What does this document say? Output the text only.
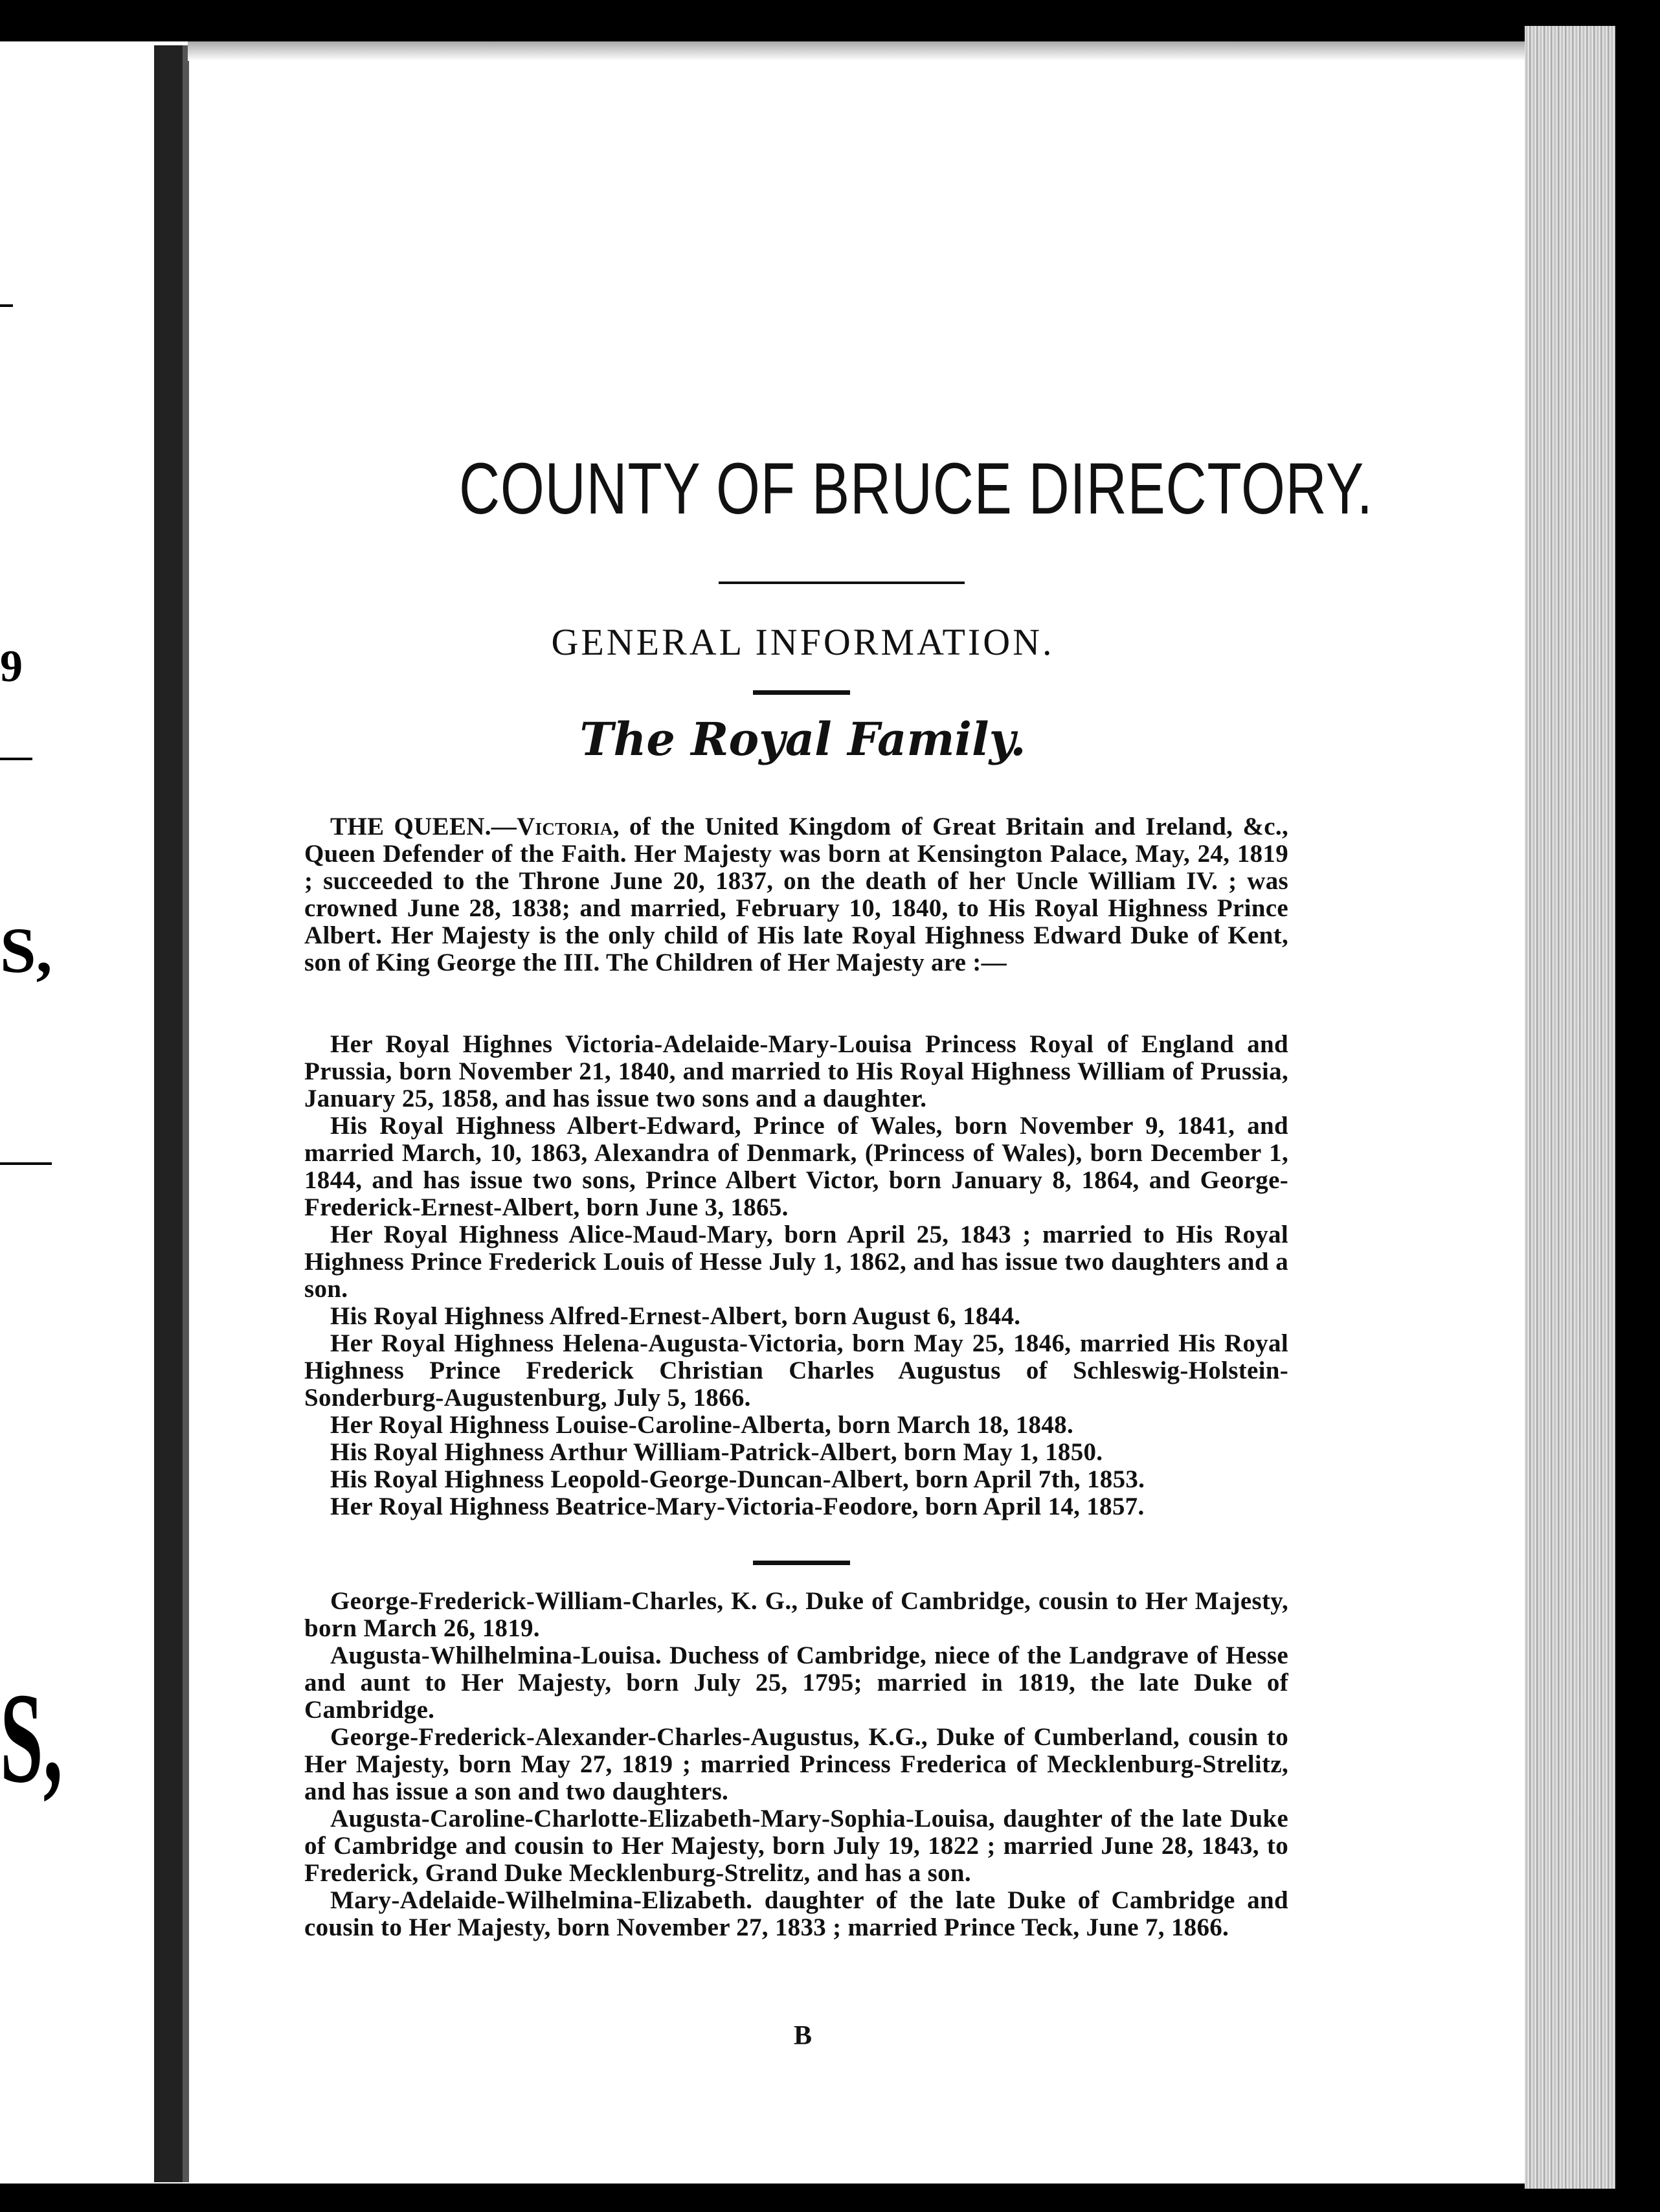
9
S,
S,
COUNTY OF BRUCE DIRECTORY.
GENERAL INFORMATION.
The Royal Family.
THE QUEEN.—Victoria, of the United Kingdom of Great Britain and Ireland, &c., Queen Defender of the Faith. Her Majesty was born at Kensington Palace, May, 24, 1819 ; succeeded to the Throne June 20, 1837, on the death of her Uncle William IV. ; was crowned June 28, 1838; and married, February 10, 1840, to His Royal Highness Prince Albert. Her Majesty is the only child of His late Royal Highness Edward Duke of Kent, son of King George the III. The Children of Her Majesty are :—
Her Royal Highnes Victoria-Adelaide-Mary-Louisa Princess Royal of England and Prussia, born November 21, 1840, and married to His Royal Highness William of Prussia, January 25, 1858, and has issue two sons and a daughter.
His Royal Highness Albert-Edward, Prince of Wales, born November 9, 1841, and married March, 10, 1863, Alexandra of Denmark, (Princess of Wales), born December 1, 1844, and has issue two sons, Prince Albert Victor, born January 8, 1864, and George-Frederick-Ernest-Albert, born June 3, 1865.
Her Royal Highness Alice-Maud-Mary, born April 25, 1843 ; married to His Royal Highness Prince Frederick Louis of Hesse July 1, 1862, and has issue two daughters and a son.
His Royal Highness Alfred-Ernest-Albert, born August 6, 1844.
Her Royal Highness Helena-Augusta-Victoria, born May 25, 1846, married His Royal Highness Prince Frederick Christian Charles Augustus of Schleswig-Holstein-Sonderburg-Augustenburg, July 5, 1866.
Her Royal Highness Louise-Caroline-Alberta, born March 18, 1848.
His Royal Highness Arthur William-Patrick-Albert, born May 1, 1850.
His Royal Highness Leopold-George-Duncan-Albert, born April 7th, 1853.
Her Royal Highness Beatrice-Mary-Victoria-Feodore, born April 14, 1857.
George-Frederick-William-Charles, K. G., Duke of Cambridge, cousin to Her Majesty, born March 26, 1819.
Augusta-Whilhelmina-Louisa. Duchess of Cambridge, niece of the Landgrave of Hesse and aunt to Her Majesty, born July 25, 1795; married in 1819, the late Duke of Cambridge.
George-Frederick-Alexander-Charles-Augustus, K.G., Duke of Cumberland, cousin to Her Majesty, born May 27, 1819 ; married Princess Frederica of Mecklenburg-Strelitz, and has issue a son and two daughters.
Augusta-Caroline-Charlotte-Elizabeth-Mary-Sophia-Louisa, daughter of the late Duke of Cambridge and cousin to Her Majesty, born July 19, 1822 ; married June 28, 1843, to Frederick, Grand Duke Mecklenburg-Strelitz, and has a son.
Mary-Adelaide-Wilhelmina-Elizabeth. daughter of the late Duke of Cambridge and cousin to Her Majesty, born November 27, 1833 ; married Prince Teck, June 7, 1866.
B
